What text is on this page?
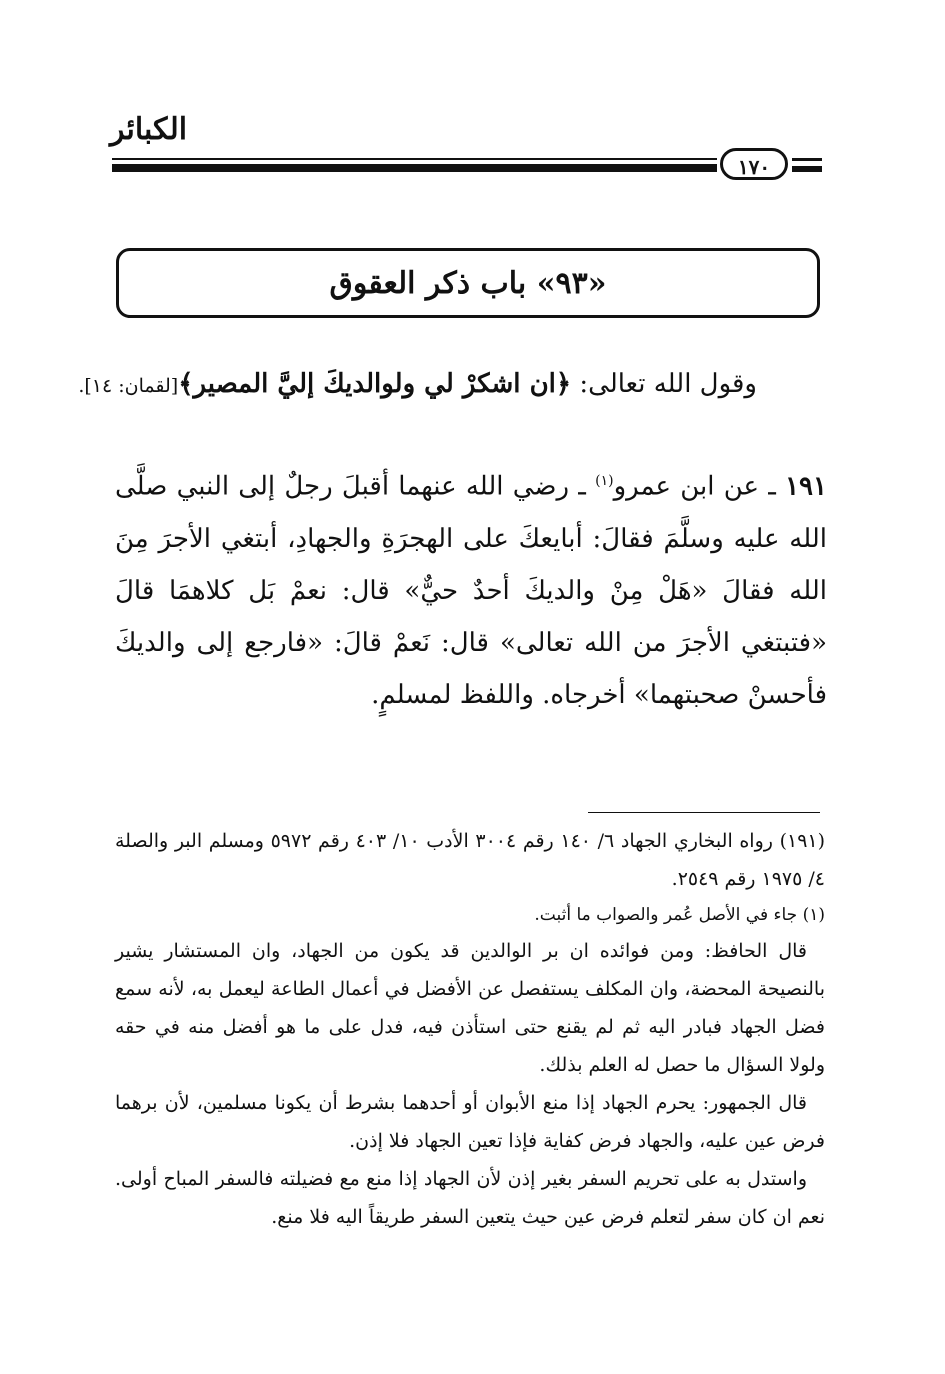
الكبائر
١٧٠
«٩٣» باب ذكر العقوق
وقول الله تعالى: ﴿ان اشكرْ لي ولوالديكَ إليَّ المصير﴾[لقمان: ١٤].
١٩١ ـ عن ابن عمرو$^{(١)}$ ـ رضي الله عنهما أقبلَ رجلٌ إلى النبي صلَّى الله عليه وسلَّمَ فقالَ: أبايعكَ على الهجرَةِ والجهادِ، أبتغي الأجرَ مِنَ الله فقالَ «هَلْ مِنْ والديكَ أحدٌ حيٌّ» قال: نعمْ بَل كلاهمَا قالَ «فتبتغي الأجرَ من الله تعالى» قال: نَعمْ قالَ: «فارجع إلى والديكَ فأحسنْ صحبتهما» أخرجاه. واللفظ لمسلمٍ.

(١٩١) رواه البخاري الجهاد ٦/ ١٤٠ رقم ٣٠٠٤ الأدب ١٠/ ٤٠٣ رقم ٥٩٧٢ ومسلم البر والصلة ٤/ ١٩٧٥ رقم ٢٥٤٩.

(١) جاء في الأصل عُمر والصواب ما أثبت.

قال الحافظ: ومن فوائده ان بر الوالدين قد يكون من الجهاد، وان المستشار يشير بالنصيحة المحضة، وان المكلف يستفصل عن الأفضل في أعمال الطاعة ليعمل به، لأنه سمع فضل الجهاد فبادر اليه ثم لم يقنع حتى استأذن فيه، فدل على ما هو أفضل منه في حقه ولولا السؤال ما حصل له العلم بذلك.

قال الجمهور: يحرم الجهاد إذا منع الأبوان أو أحدهما بشرط أن يكونا مسلمين، لأن برهما فرض عين عليه، والجهاد فرض كفاية فإذا تعين الجهاد فلا إذن.

واستدل به على تحريم السفر بغير إذن لأن الجهاد إذا منع مع فضيلته فالسفر المباح أولى. نعم ان كان سفر لتعلم فرض عين حيث يتعين السفر طريقاً اليه فلا منع.
